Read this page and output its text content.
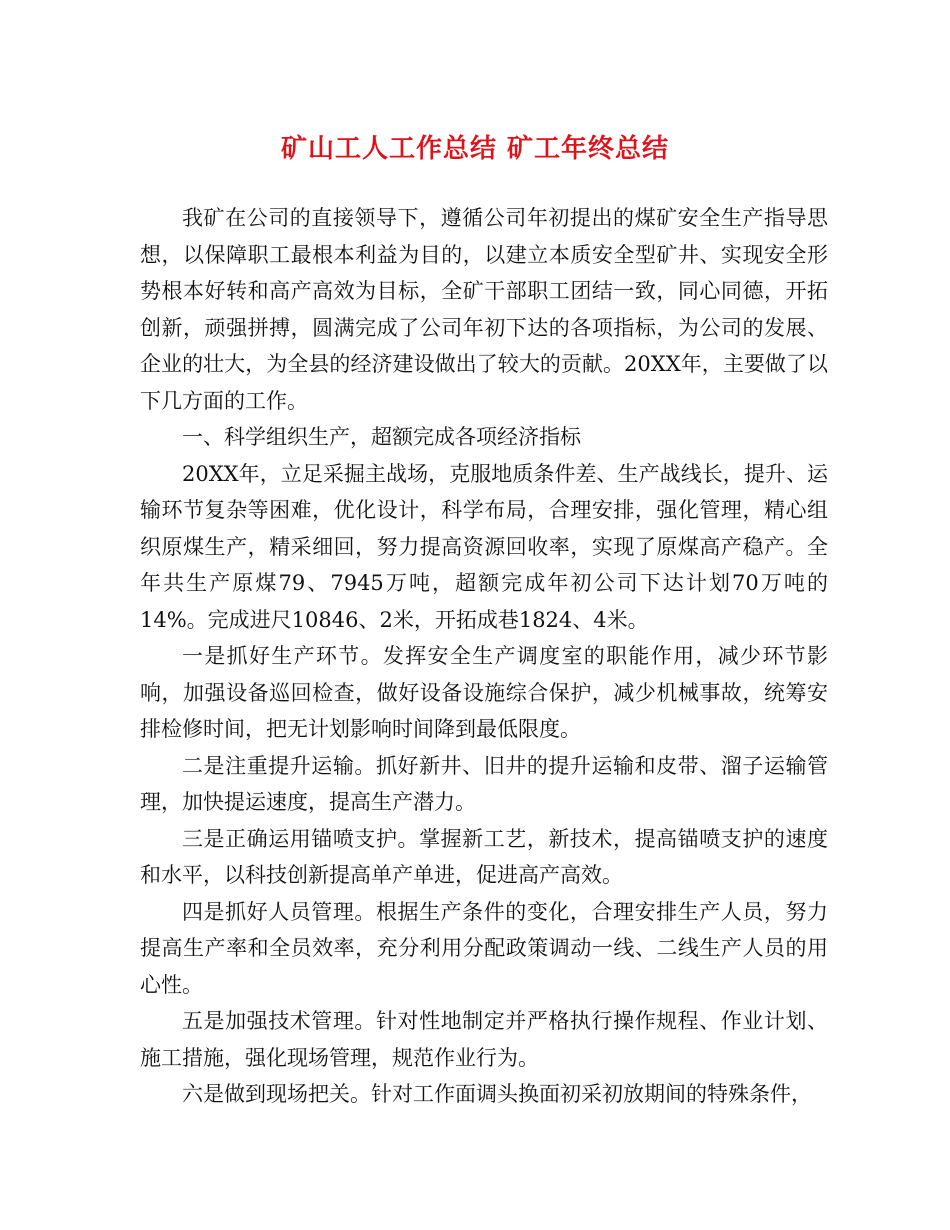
矿山工人工作总结 矿工年终总结

我矿在公司的直接领导下，遵循公司年初提出的煤矿安全生产指导思想，以保障职工最根本利益为目的，以建立本质安全型矿井、实现安全形势根本好转和高产高效为目标，全矿干部职工团结一致，同心同德，开拓创新，顽强拼搏，圆满完成了公司年初下达的各项指标，为公司的发展、企业的壮大，为全县的经济建设做出了较大的贡献。20XX年，主要做了以下几方面的工作。

一、科学组织生产，超额完成各项经济指标

20XX年，立足采掘主战场，克服地质条件差、生产战线长，提升、运输环节复杂等困难，优化设计，科学布局，合理安排，强化管理，精心组织原煤生产，精采细回，努力提高资源回收率，实现了原煤高产稳产。全年共生产原煤79、7945万吨，超额完成年初公司下达计划70万吨的14%。完成进尺10846、2米，开拓成巷1824、4米。

一是抓好生产环节。发挥安全生产调度室的职能作用，减少环节影响，加强设备巡回检查，做好设备设施综合保护，减少机械事故，统筹安排检修时间，把无计划影响时间降到最低限度。

二是注重提升运输。抓好新井、旧井的提升运输和皮带、溜子运输管理，加快提运速度，提高生产潜力。

三是正确运用锚喷支护。掌握新工艺，新技术，提高锚喷支护的速度和水平，以科技创新提高单产单进，促进高产高效。

四是抓好人员管理。根据生产条件的变化，合理安排生产人员，努力提高生产率和全员效率，充分利用分配政策调动一线、二线生产人员的用心性。

五是加强技术管理。针对性地制定并严格执行操作规程、作业计划、施工措施，强化现场管理，规范作业行为。

六是做到现场把关。针对工作面调头换面初采初放期间的特殊条件，
